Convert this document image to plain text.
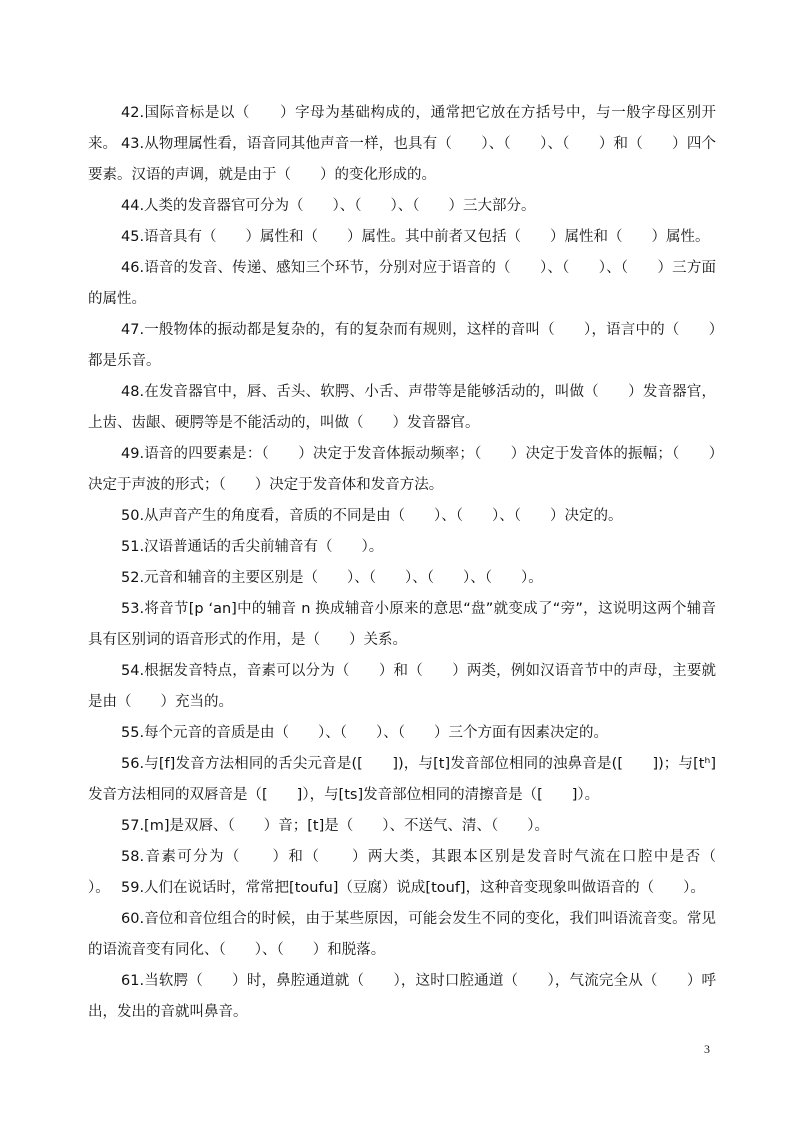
42.国际音标是以（　　）字母为基础构成的，通常把它放在方括号中，与一般字母区别开来。 43.从物理属性看，语音同其他声音一样，也具有（　　）、（　　）、（　　）和（　　）四个要素。汉语的声调，就是由于（　　）的变化形成的。

44.人类的发音器官可分为（　　）、（　　）、（　　）三大部分。

45.语音具有（　　）属性和（　　）属性。其中前者又包括（　　）属性和（　　）属性。

46.语音的发音、传递、感知三个环节，分别对应于语音的（　　）、（　　）、（　　）三方面的属性。

47.一般物体的振动都是复杂的，有的复杂而有规则，这样的音叫（　　），语言中的（　　）都是乐音。

48.在发音器官中，唇、舌头、软腭、小舌、声带等是能够活动的，叫做（　　）发音器官，上齿、齿龈、硬腭等是不能活动的，叫做（　　）发音器官。

49.语音的四要素是：（　　）决定于发音体振动频率；（　　）决定于发音体的振幅；（　　）决定于声波的形式；（　　）决定于发音体和发音方法。

50.从声音产生的角度看，音质的不同是由（　　）、（　　）、（　　）决定的。

51.汉语普通话的舌尖前辅音有（　　）。

52.元音和辅音的主要区别是（　　）、（　　）、（　　）、（　　）。

53.将音节[p ‘an]中的辅音 n 换成辅音小原来的意思“盘”就变成了“旁”，这说明这两个辅音具有区别词的语音形式的作用，是（　　）关系。

54.根据发音特点，音素可以分为（　　）和（　　）两类，例如汉语音节中的声母，主要就是由（　　）充当的。

55.每个元音的音质是由（　　）、（　　）、（　　）三个方面有因素决定的。

56.与[f]发音方法相同的舌尖元音是([　　])，与[t]发音部位相同的浊鼻音是([　　])；与[tʰ]发音方法相同的双唇音是（[　　]），与[ts]发音部位相同的清擦音是（[　　]）。

57.[m]是双唇、（　　）音；[t]是（　　）、不送气、清、（　　）。

58.音素可分为（　　）和（　　）两大类，其跟本区别是发音时气流在口腔中是否（　　）。 59.人们在说话时，常常把[toufu]（豆腐）说成[touf]，这种音变现象叫做语音的（　　）。

60.音位和音位组合的时候，由于某些原因，可能会发生不同的变化，我们叫语流音变。常见的语流音变有同化、（　　）、（　　）和脱落。

61.当软腭（　　）时，鼻腔通道就（　　），这时口腔通道（　　），气流完全从（　　）呼出，发出的音就叫鼻音。

3
